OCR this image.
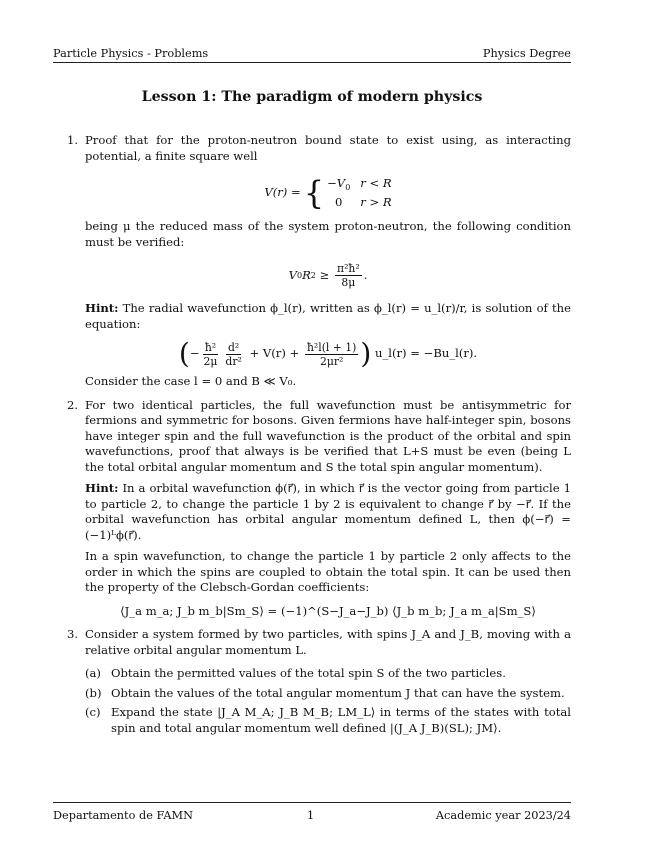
Particle Physics - Problems	Physics Degree
Lesson 1: The paradigm of modern physics
1. Proof that for the proton-neutron bound state to exist using, as interacting potential, a finite square well

V(r) = { $-V_0$ r < R
0	r > R

being μ the reduced mass of the system proton-neutron, the following condition must be verified:

V 0 R $2 \ge \frac{\text{π²ħ²}}{8\mu}$ .

Hint: The radial wavefunction ϕ_l(r), written as ϕ_l(r) = u_l(r)/r, is solution of the equation:

( − $\frac{\text{ħ²}}{2\mu} \frac{\text{d²}}{\text{dr²}} + V(r) + \frac{\text{ħ²l(l + 1)}}{\text{2μr²}}$ ) u_l(r) = −Bu_l(r).

Consider the case l = 0 and B ≪ V₀.

2. For two identical particles, the full wavefunction must be antisymmetric for fermions and symmetric for bosons. Given fermions have half-integer spin, bosons have integer spin and the full wavefunction is the product of the orbital and spin wavefunctions, proof that always is be verified that L+S must be even (being L the total orbital angular momentum and S the total spin angular momentum).

Hint: In a orbital wavefunction ϕ(r⃗), in which r⃗ is the vector going from particle 1 to particle 2, to change the particle 1 by 2 is equivalent to change r⃗ by −r⃗. If the orbital wavefunction has orbital angular momentum defined L, then ϕ(−r⃗) = (−1)ᴸϕ(r⃗).

In a spin wavefunction, to change the particle 1 by particle 2 only affects to the order in which the spins are coupled to obtain the total spin. It can be used then the property of the Clebsch-Gordan coefficients:

⟨J_a m_a; J_b m_b|Sm_S⟩ = (−1)^(S−J_a−J_b) ⟨J_b m_b; J_a m_a|Sm_S⟩
3. Consider a system formed by two particles, with spins J_A and J_B, moving with a relative orbital angular momentum L.

(a) Obtain the permitted values of the total spin S of the two particles.

(b) Obtain the values of the total angular momentum J that can have the system.

(c) Expand the state |J_A M_A; J_B M_B; LM_L⟩ in terms of the states with total spin and total angular momentum well defined |(J_A J_B)(SL); JM⟩.

Departamento de FAMN	1	Academic year 2023/24
